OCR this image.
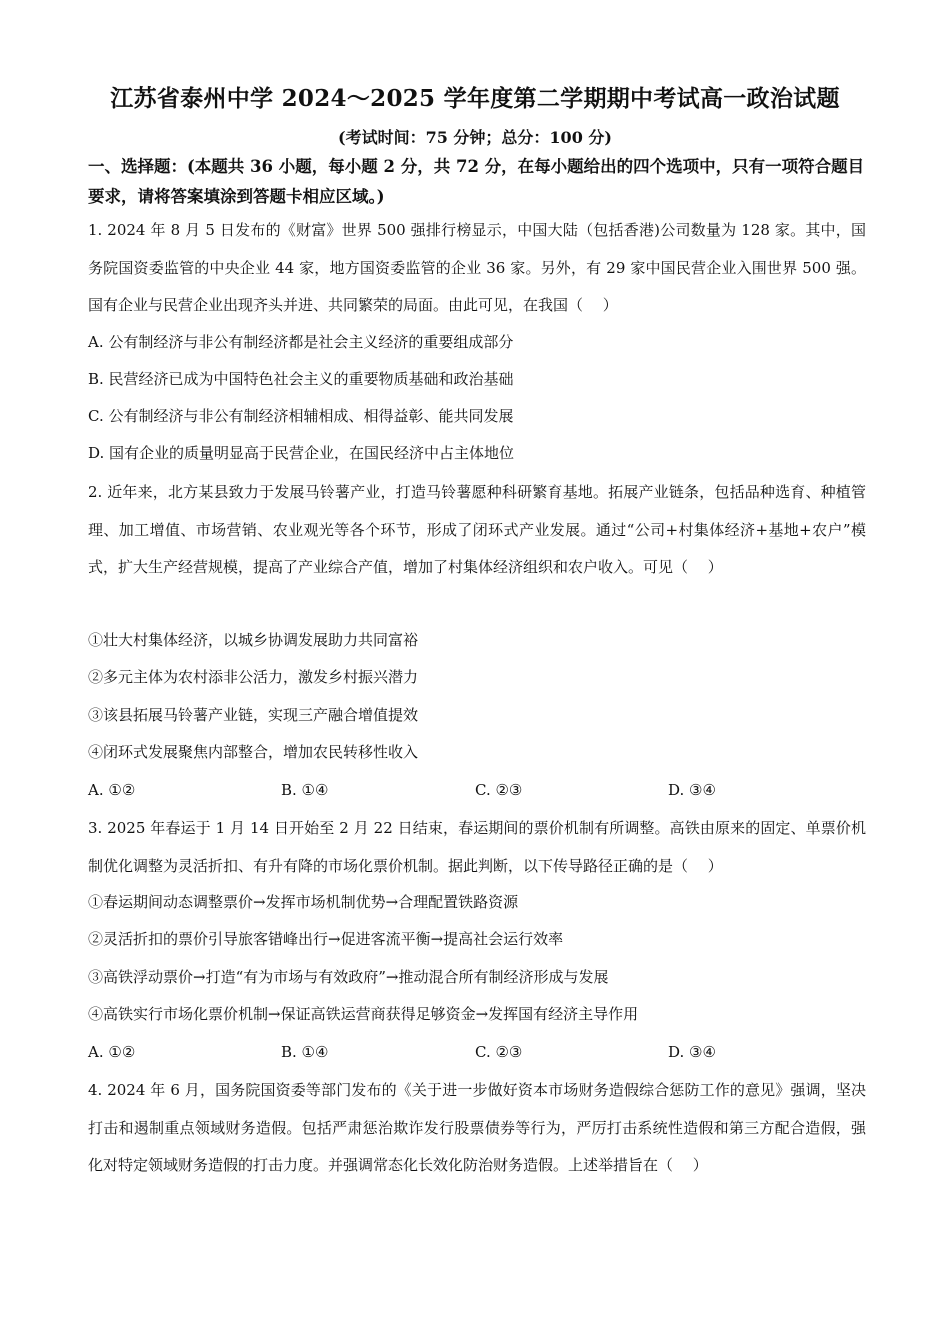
江苏省泰州中学 2024～2025 学年度第二学期期中考试高一政治试题
(考试时间：75 分钟；总分：100 分)
一、选择题：(本题共 36 小题，每小题 2 分，共 72 分，在每小题给出的四个选项中，只有一项符合题目要求，请将答案填涂到答题卡相应区域。)
1. 2024 年 8 月 5 日发布的《财富》世界 500 强排行榜显示，中国大陆（包括香港)公司数量为 128 家。其中，国务院国资委监管的中央企业 44 家，地方国资委监管的企业 36 家。另外，有 29 家中国民营企业入围世界 500 强。国有企业与民营企业出现齐头并进、共同繁荣的局面。由此可见，在我国（　 ）
A. 公有制经济与非公有制经济都是社会主义经济的重要组成部分
B. 民营经济已成为中国特色社会主义的重要物质基础和政治基础
C. 公有制经济与非公有制经济相辅相成、相得益彰、能共同发展
D. 国有企业的质量明显高于民营企业，在国民经济中占主体地位
2. 近年来，北方某县致力于发展马铃薯产业，打造马铃薯愿种科研繁育基地。拓展产业链条，包括品种选育、种植管理、加工增值、市场营销、农业观光等各个环节，形成了闭环式产业发展。通过“公司+村集体经济+基地+农户”模式，扩大生产经营规模，提高了产业综合产值，增加了村集体经济组织和农户收入。可见（　 ）
①壮大村集体经济，以城乡协调发展助力共同富裕
②多元主体为农村添非公活力，激发乡村振兴潜力
③该县拓展马铃薯产业链，实现三产融合增值提效
④闭环式发展聚焦内部整合，增加农民转移性收入
A. ①②	B. ①④	C. ②③	D. ③④
3. 2025 年春运于 1 月 14 日开始至 2 月 22 日结束，春运期间的票价机制有所调整。高铁由原来的固定、单票价机制优化调整为灵活折扣、有升有降的市场化票价机制。据此判断，以下传导路径正确的是（　 ）
①春运期间动态调整票价→发挥市场机制优势→合理配置铁路资源
②灵活折扣的票价引导旅客错峰出行→促进客流平衡→提高社会运行效率
③高铁浮动票价→打造“有为市场与有效政府”→推动混合所有制经济形成与发展
④高铁实行市场化票价机制→保证高铁运营商获得足够资金→发挥国有经济主导作用
A. ①②	B. ①④	C. ②③	D. ③④
4. 2024 年 6 月，国务院国资委等部门发布的《关于进一步做好资本市场财务造假综合惩防工作的意见》强调，坚决打击和遏制重点领域财务造假。包括严肃惩治欺诈发行股票债券等行为，严厉打击系统性造假和第三方配合造假，强化对特定领域财务造假的打击力度。并强调常态化长效化防治财务造假。上述举措旨在（　 ）
